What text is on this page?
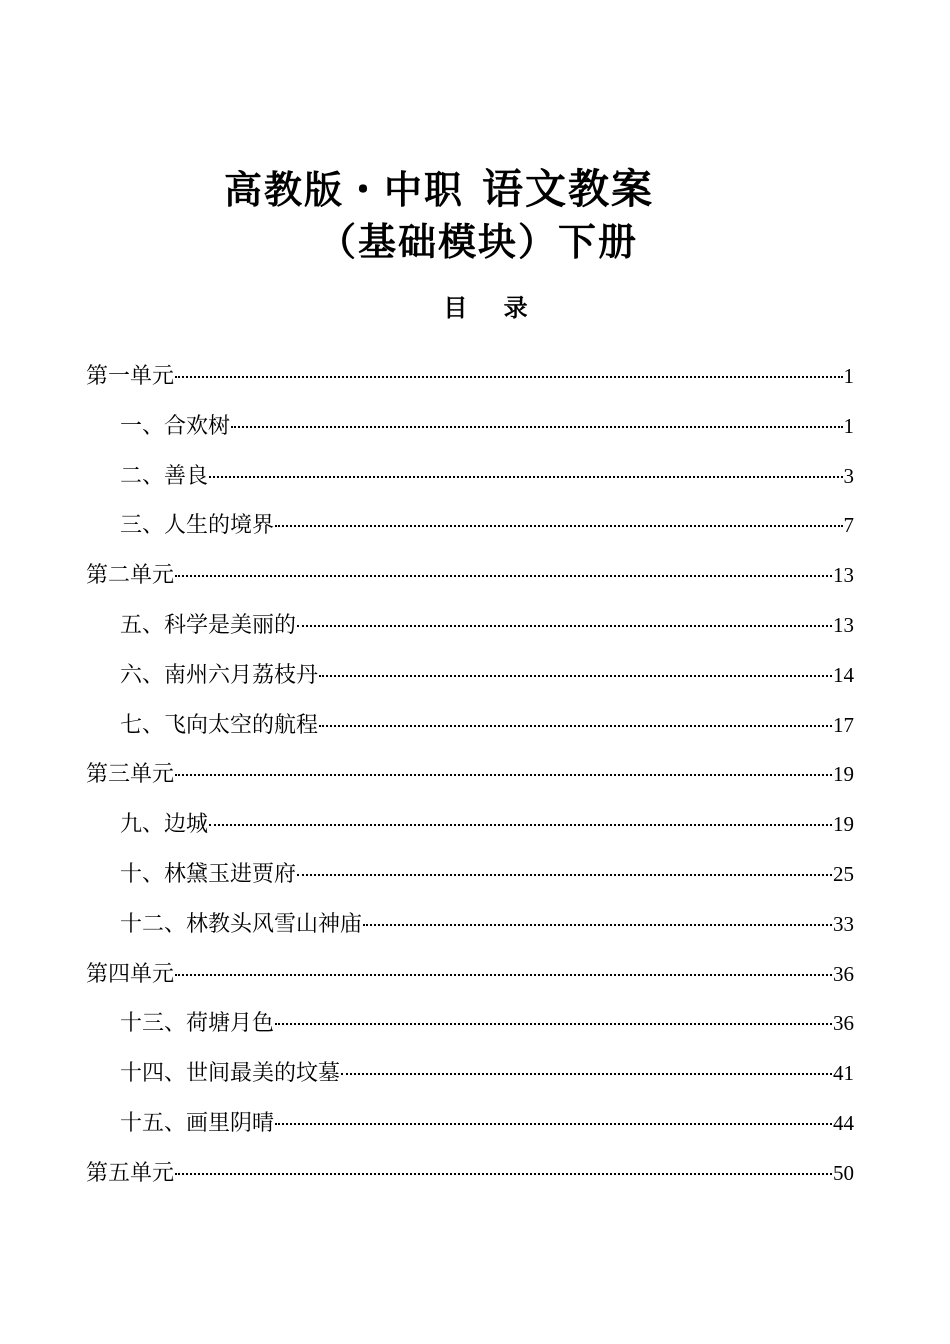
高教版・中职 语文教案
（基础模块）下册
目 录
第一单元	1
一、合欢树	1
二、善良	3
三、人生的境界	7
第二单元	13
五、科学是美丽的	13
六、南州六月荔枝丹	14
七、飞向太空的航程	17
第三单元	19
九、边城	19
十、林黛玉进贾府	25
十二、林教头风雪山神庙	33
第四单元	36
十三、荷塘月色	36
十四、世间最美的坟墓	41
十五、画里阴晴	44
第五单元	50
